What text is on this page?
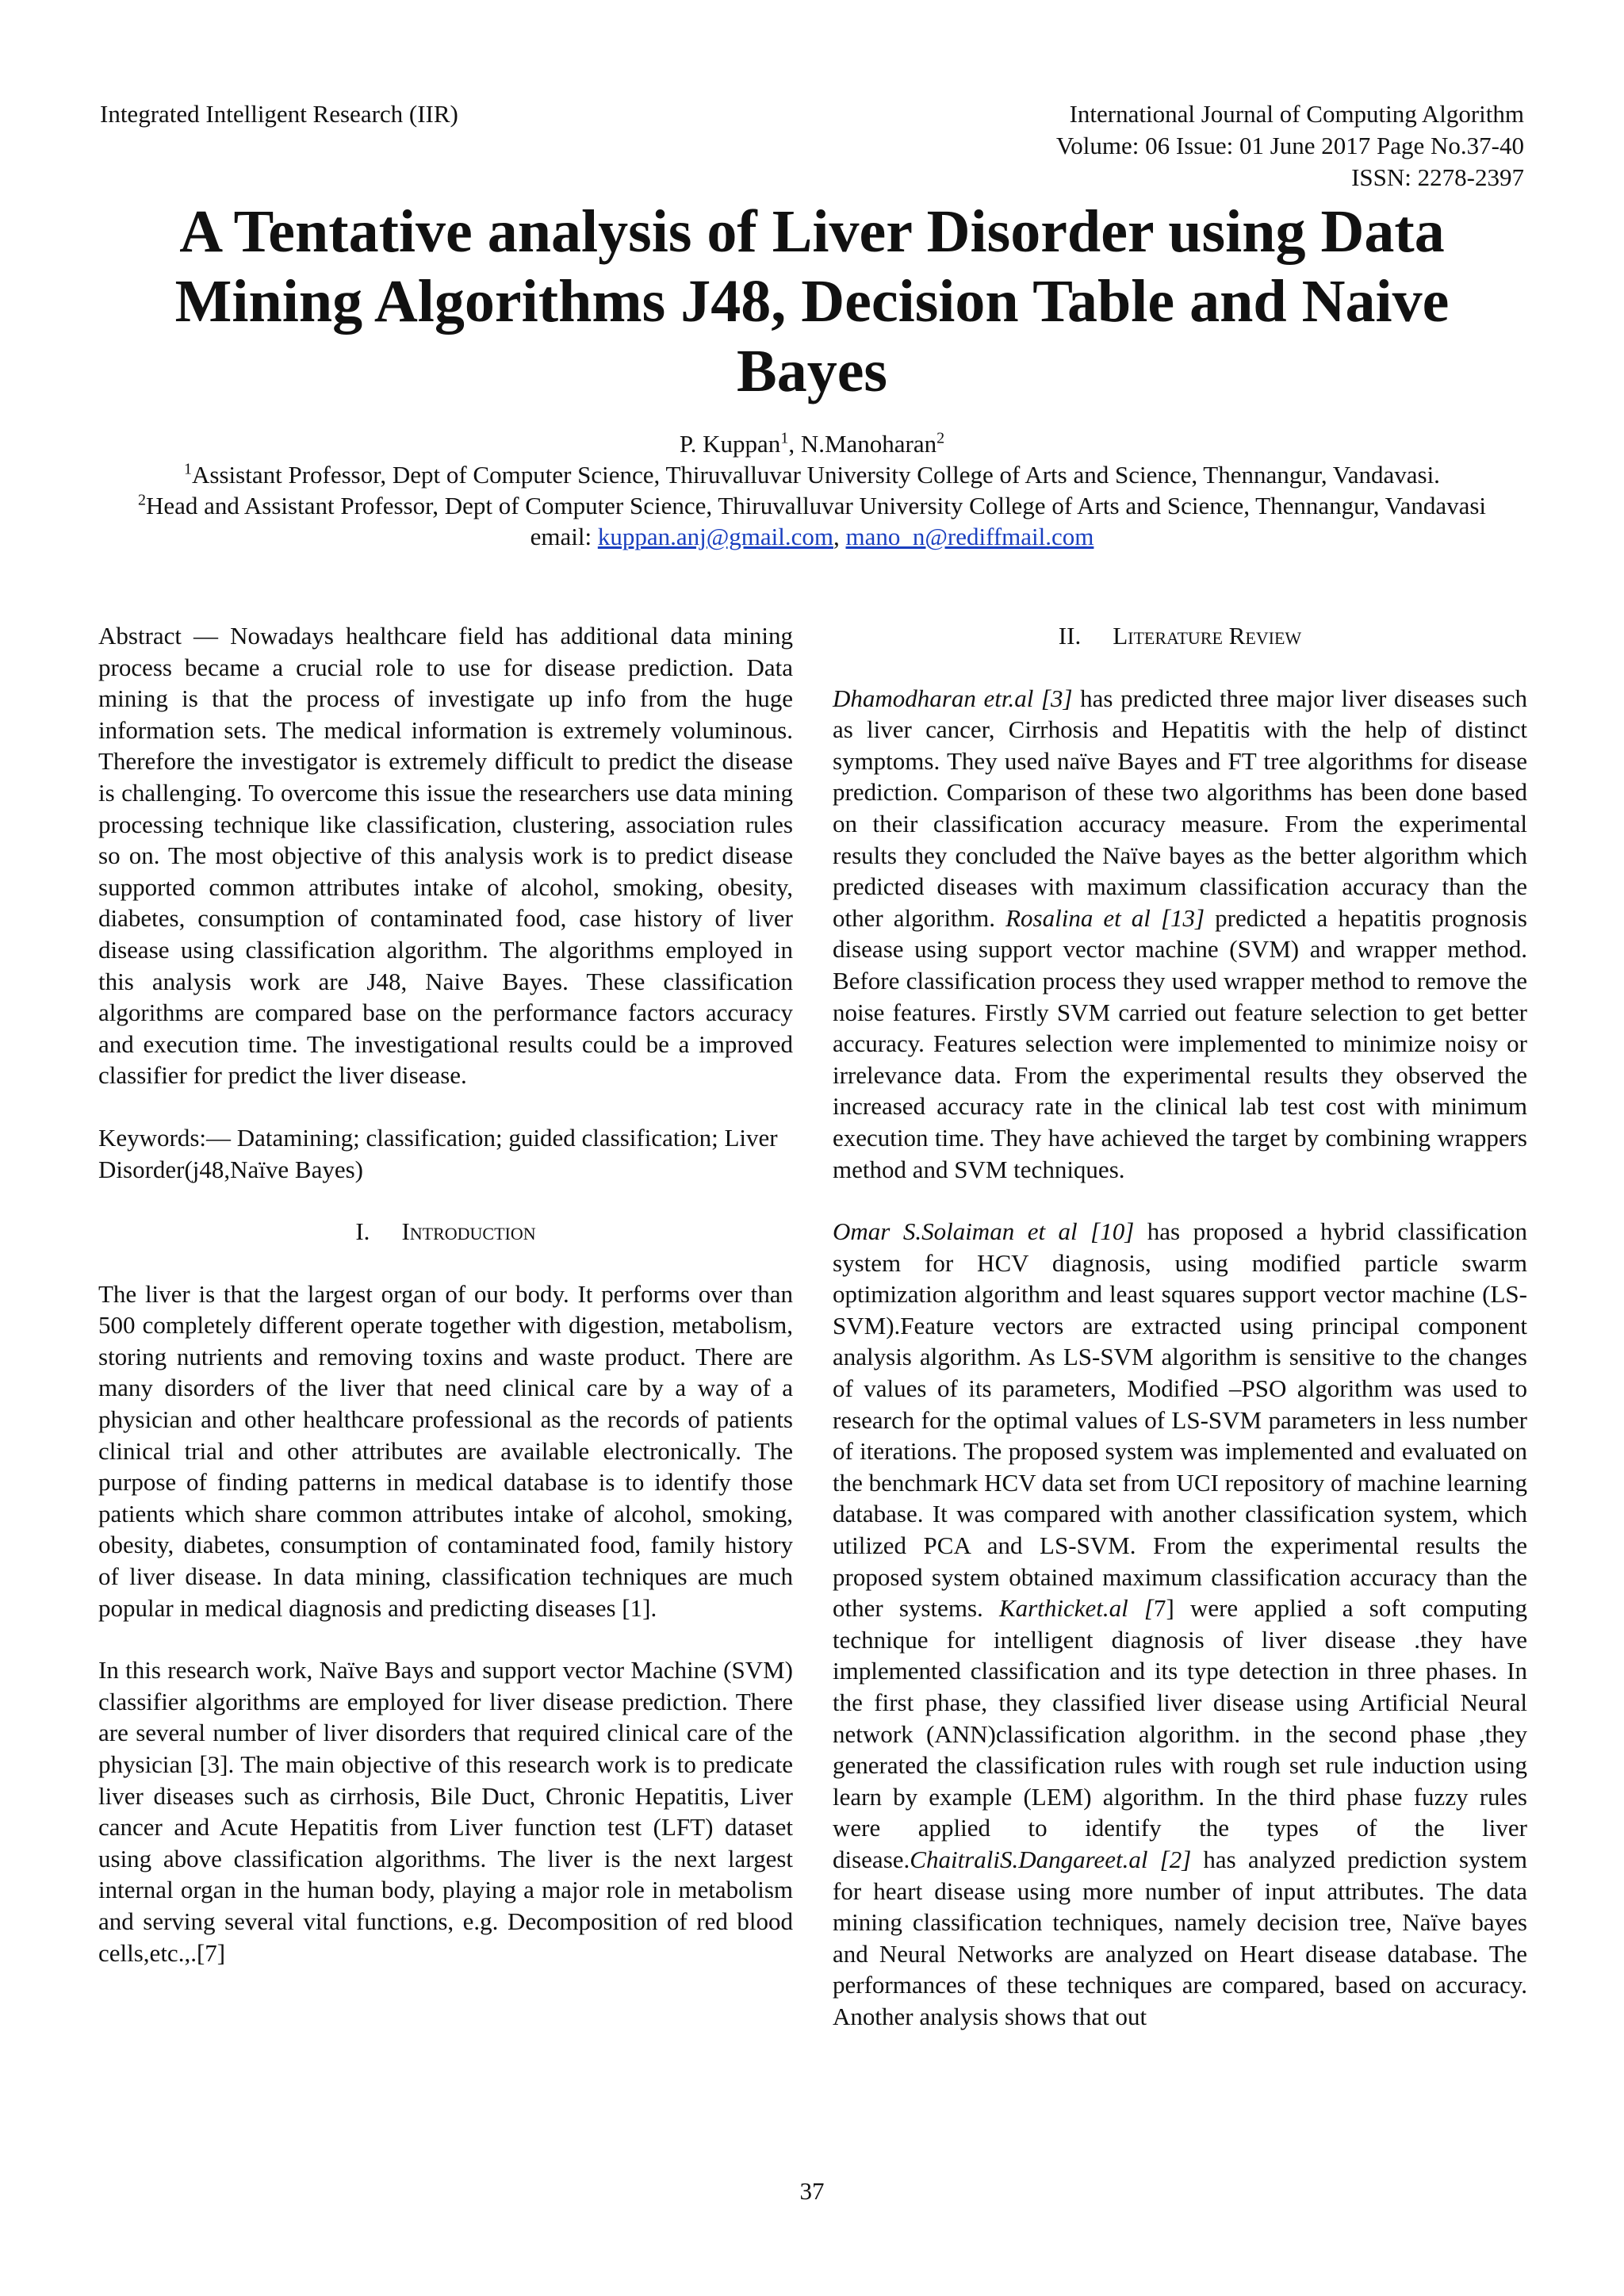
Integrated Intelligent Research (IIR)	International Journal of Computing Algorithm
Volume: 06 Issue: 01 June 2017 Page No.37-40
ISSN: 2278-2397
A Tentative analysis of Liver Disorder using Data Mining Algorithms J48, Decision Table and Naive Bayes
P. Kuppan$^1$, N.Manoharan$^2$
$^1$Assistant Professor, Dept of Computer Science, Thiruvalluvar University College of Arts and Science, Thennangur, Vandavasi.
$^2$Head and Assistant Professor, Dept of Computer Science, Thiruvalluvar University College of Arts and Science, Thennangur, Vandavasi
email: kuppan.anj@gmail.com, mano_n@rediffmail.com

Abstract — Nowadays healthcare field has additional data mining process became a crucial role to use for disease prediction. Data mining is that the process of investigate up info from the huge information sets. The medical information is extremely voluminous. Therefore the investigator is extremely difficult to predict the disease is challenging. To overcome this issue the researchers use data mining processing technique like classification, clustering, association rules so on. The most objective of this analysis work is to predict disease supported common attributes intake of alcohol, smoking, obesity, diabetes, consumption of contaminated food, case history of liver disease using classification algorithm. The algorithms employed in this analysis work are J48, Naive Bayes. These classification algorithms are compared base on the performance factors accuracy and execution time. The investigational results could be a improved classifier for predict the liver disease.

Keywords:— Datamining; classification; guided classification; Liver Disorder(j48,Naïve Bayes)

I. Introduction

The liver is that the largest organ of our body. It performs over than 500 completely different operate together with digestion, metabolism, storing nutrients and removing toxins and waste product. There are many disorders of the liver that need clinical care by a way of a physician and other healthcare professional as the records of patients clinical trial and other attributes are available electronically. The purpose of finding patterns in medical database is to identify those patients which share common attributes intake of alcohol, smoking, obesity, diabetes, consumption of contaminated food, family history of liver disease. In data mining, classification techniques are much popular in medical diagnosis and predicting diseases [1].

In this research work, Naïve Bays and support vector Machine (SVM) classifier algorithms are employed for liver disease prediction. There are several number of liver disorders that required clinical care of the physician [3]. The main objective of this research work is to predicate liver diseases such as cirrhosis, Bile Duct, Chronic Hepatitis, Liver cancer and Acute Hepatitis from Liver function test (LFT) dataset using above classification algorithms. The liver is the next largest internal organ in the human body, playing a major role in metabolism and serving several vital functions, e.g. Decomposition of red blood cells,etc.,.[7]

II. Literature Review

Dhamodharan etr.al [3] has predicted three major liver diseases such as liver cancer, Cirrhosis and Hepatitis with the help of distinct symptoms. They used naïve Bayes and FT tree algorithms for disease prediction. Comparison of these two algorithms has been done based on their classification accuracy measure. From the experimental results they concluded the Naïve bayes as the better algorithm which predicted diseases with maximum classification accuracy than the other algorithm. Rosalina et al [13] predicted a hepatitis prognosis disease using support vector machine (SVM) and wrapper method. Before classification process they used wrapper method to remove the noise features. Firstly SVM carried out feature selection to get better accuracy. Features selection were implemented to minimize noisy or irrelevance data. From the experimental results they observed the increased accuracy rate in the clinical lab test cost with minimum execution time. They have achieved the target by combining wrappers method and SVM techniques.

Omar S.Solaiman et al [10] has proposed a hybrid classification system for HCV diagnosis, using modified particle swarm optimization algorithm and least squares support vector machine (LS-SVM).Feature vectors are extracted using principal component analysis algorithm. As LS-SVM algorithm is sensitive to the changes of values of its parameters, Modified –PSO algorithm was used to research for the optimal values of LS-SVM parameters in less number of iterations. The proposed system was implemented and evaluated on the benchmark HCV data set from UCI repository of machine learning database. It was compared with another classification system, which utilized PCA and LS-SVM. From the experimental results the proposed system obtained maximum classification accuracy than the other systems. Karthicket.al [7] were applied a soft computing technique for intelligent diagnosis of liver disease .they have implemented classification and its type detection in three phases. In the first phase, they classified liver disease using Artificial Neural network (ANN)classification algorithm. in the second phase ,they generated the classification rules with rough set rule induction using learn by example (LEM) algorithm. In the third phase fuzzy rules were applied to identify the types of the liver disease.ChaitraliS.Dangareet.al [2] has analyzed prediction system for heart disease using more number of input attributes. The data mining classification techniques, namely decision tree, Naïve bayes and Neural Networks are analyzed on Heart disease database. The performances of these techniques are compared, based on accuracy. Another analysis shows that out

37
